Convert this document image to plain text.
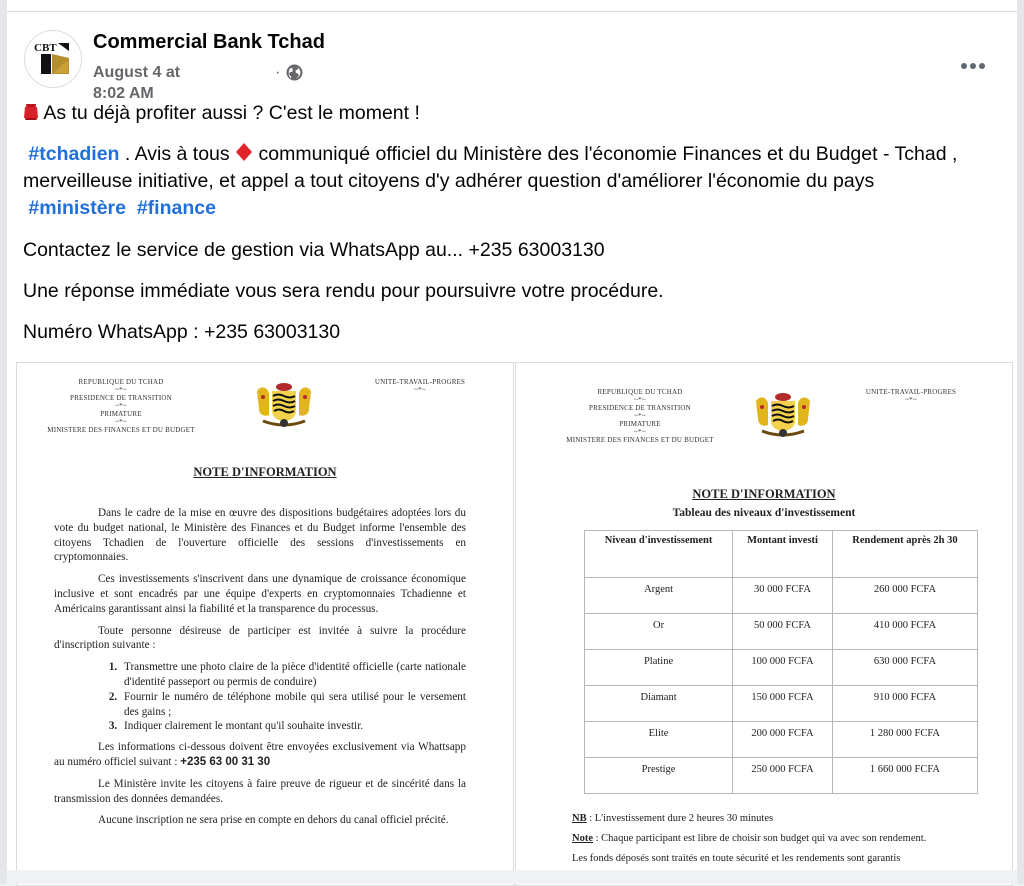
CBT Commercial Bank Tchad
August 4 at
8:02 AM
·

As tu déjà profiter aussi ? C'est le moment !

#tchadien . Avis à tous  communiqué officiel du Ministère des l'économie Finances et du Budget - Tchad , merveilleuse initiative, et appel a tout citoyens d'y adhérer question d'améliorer l'économie du pays  #ministère #finance

Contactez le service de gestion via WhatsApp au... +235 63003130

Une réponse immédiate vous sera rendu pour poursuivre votre procédure.

Numéro WhatsApp : +235 63003130

REPUBLIQUE DU TCHAD
~*~
PRESIDENCE DE TRANSITION
~*~
PRIMATURE
~*~
MINISTERE DES FINANCES ET DU BUDGET
UNITE-TRAVAIL-PROGRES
~*~
NOTE D'INFORMATION

Dans le cadre de la mise en œuvre des dispositions budgétaires adoptées lors du vote du budget national, le Ministère des Finances et du Budget informe l'ensemble des citoyens Tchadien de l'ouverture officielle des sessions d'investissements en cryptomonnaies.

Ces investissements s'inscrivent dans une dynamique de croissance économique inclusive et sont encadrés par une équipe d'experts en cryptomonnaies Tchadienne et Américains garantissant ainsi la fiabilité et la transparence du processus.

Toute personne désireuse de participer est invitée à suivre la procédure d'inscription suivante :

1. Transmettre une photo claire de la pièce d'identité officielle (carte nationale d'identité passeport ou permis de conduire)
2. Fournir le numéro de téléphone mobile qui sera utilisé pour le versement des gains ;
3. Indiquer clairement le montant qu'il souhaite investir.

Les informations ci-dessous doivent être envoyées exclusivement via Whattsapp au numéro officiel suivant : +235 63 00 31 30

Le Ministère invite les citoyens à faire preuve de rigueur et de sincérité dans la transmission des données demandées.

Aucune inscription ne sera prise en compte en dehors du canal officiel précité.

REPUBLIQUE DU TCHAD
~*~
PRESIDENCE DE TRANSITION
~*~
PRIMATURE
~*~
MINISTERE DES FINANCES ET DU BUDGET
UNITE-TRAVAIL-PROGRES
~*~
NOTE D'INFORMATION
Tableau des niveaux d'investissement
Niveau d'investissement	Montant investi	Rendement après 2h 30
Argent	30 000 FCFA	260 000 FCFA
Or	50 000 FCFA	410 000 FCFA
Platine	100 000 FCFA	630 000 FCFA
Diamant	150 000 FCFA	910 000 FCFA
Elite	200 000 FCFA	1 280 000 FCFA
Prestige	250 000 FCFA	1 660 000 FCFA

NB : L'investissement dure 2 heures 30 minutes

Note : Chaque participant est libre de choisir son budget qui va avec son rendement.

Les fonds déposés sont traités en toute sécurité et les rendements sont garantis
